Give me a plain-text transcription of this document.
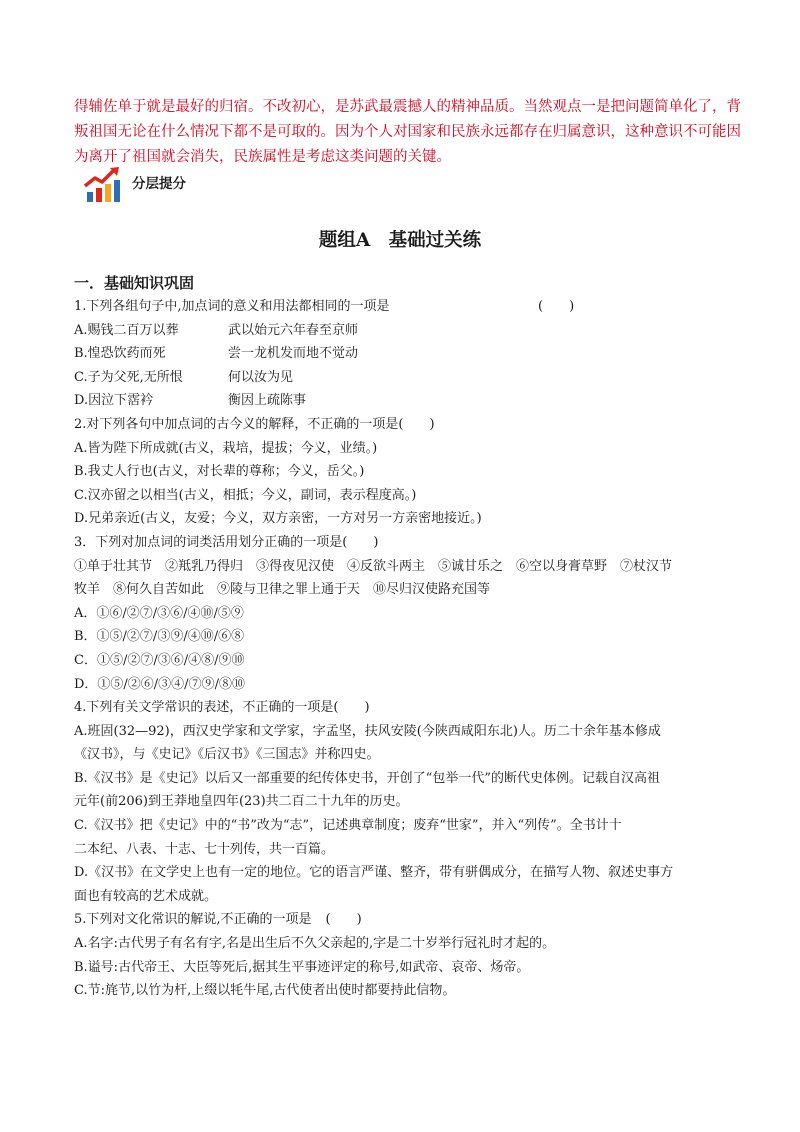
得辅佐单于就是最好的归宿。不改初心，是苏武最震撼人的精神品质。当然观点一是把问题简单化了，背
叛祖国无论在什么情况下都不是可取的。因为个人对国家和民族永远都存在归属意识，这种意识不可能因
为离开了祖国就会消失，民族属性是考虑这类问题的关键。
分层提分
题组A　基础过关练
一．基础知识巩固
1.下列各组句子中,加点词的意义和用法都相同的一项是	(　　)
A.赐钱二百万以葬	武以始元六年春至京师
B.惶恐饮药而死	尝一龙机发而地不觉动
C.子为父死,无所恨	何以汝为见
D.因泣下霑衿	衡因上疏陈事
2.对下列各句中加点词的古今义的解释，不正确的一项是(　　)
A.皆为陛下所成就(古义，栽培，提拔；今义，业绩。)
B.我丈人行也(古义，对长辈的尊称；今义，岳父。)
C.汉亦留之以相当(古义，相抵；今义，副词，表示程度高。)
D.兄弟亲近(古义，友爱；今义，双方亲密，一方对另一方亲密地接近。)
3．下列对加点词的词类活用划分正确的一项是(　　)
①单于壮其节　②羝乳乃得归　③得夜见汉使　④反欲斗两主　⑤诚甘乐之　⑥空以身膏草野　⑦杖汉节
牧羊　⑧何久自苦如此　⑨陵与卫律之罪上通于天　⑩尽归汉使路充国等
A．①⑥/②⑦/③⑥/④⑩/⑤⑨
B．①⑤/②⑦/③⑨/④⑩/⑥⑧
C．①⑤/②⑦/③⑥/④⑧/⑨⑩
D．①⑤/②⑥/③④/⑦⑨/⑧⑩
4.下列有关文学常识的表述，不正确的一项是(　　)
A.班固(32—92)，西汉史学家和文学家，字孟坚，扶风安陵(今陕西咸阳东北)人。历二十余年基本修成
《汉书》，与《史记》《后汉书》《三国志》并称四史。
B.《汉书》是《史记》以后又一部重要的纪传体史书，开创了“包举一代”的断代史体例。记载自汉高祖
元年(前206)到王莽地皇四年(23)共二百二十九年的历史。
C.《汉书》把《史记》中的“书”改为“志”，记述典章制度；废弃“世家”，并入“列传”。全书计十
二本纪、八表、十志、七十列传，共一百篇。
D.《汉书》在文学史上也有一定的地位。它的语言严谨、整齐，带有骈偶成分，在描写人物、叙述史事方
面也有较高的艺术成就。
5.下列对文化常识的解说,不正确的一项是 (　　)
A.名字:古代男子有名有字,名是出生后不久父亲起的,字是二十岁举行冠礼时才起的。
B.谥号:古代帝王、大臣等死后,据其生平事迹评定的称号,如武帝、哀帝、炀帝。
C.节:旄节,以竹为杆,上缀以牦牛尾,古代使者出使时都要持此信物。
